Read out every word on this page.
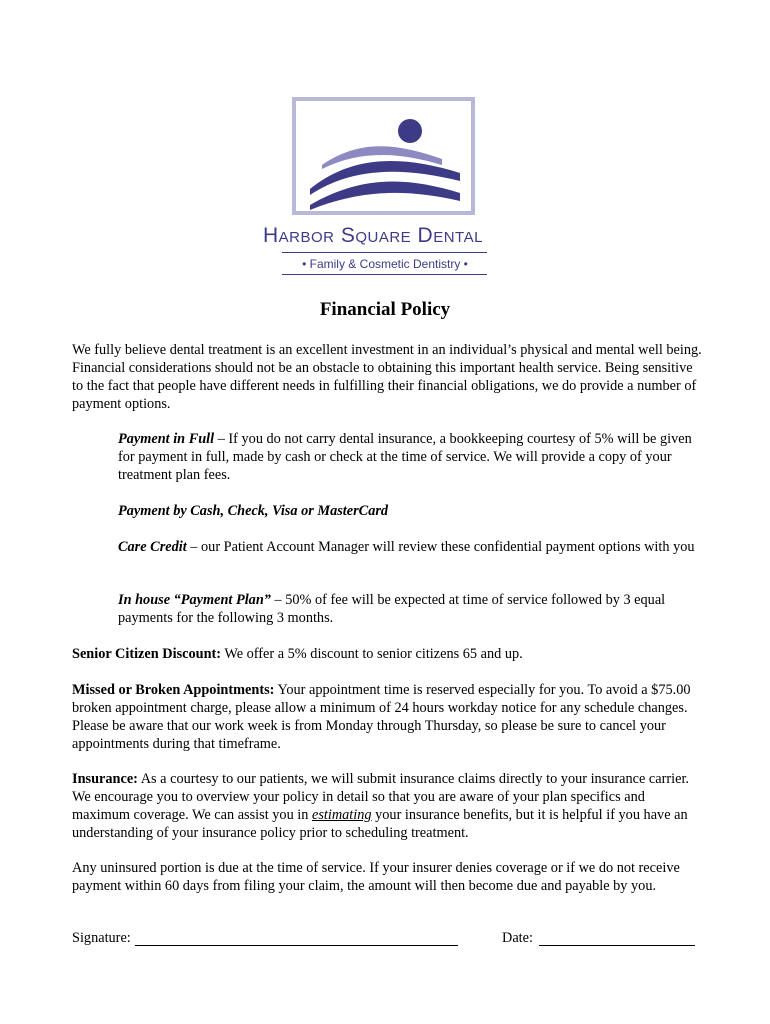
Harbor Square Dental
• Family & Cosmetic Dentistry •
Financial Policy

We fully believe dental treatment is an excellent investment in an individual’s physical and mental well being. Financial considerations should not be an obstacle to obtaining this important health service. Being sensitive to the fact that people have different needs in fulfilling their financial obligations, we do provide a number of payment options.

Payment in Full – If you do not carry dental insurance, a bookkeeping courtesy of 5% will be given for payment in full, made by cash or check at the time of service. We will provide a copy of your treatment plan fees.

Payment by Cash, Check, Visa or MasterCard

Care Credit – our Patient Account Manager will review these confidential payment options with you

In house “Payment Plan” – 50% of fee will be expected at time of service followed by 3 equal payments for the following 3 months.

Senior Citizen Discount: We offer a 5% discount to senior citizens 65 and up.

Missed or Broken Appointments: Your appointment time is reserved especially for you. To avoid a $75.00 broken appointment charge, please allow a minimum of 24 hours workday notice for any schedule changes. Please be aware that our work week is from Monday through Thursday, so please be sure to cancel your appointments during that timeframe.

Insurance: As a courtesy to our patients, we will submit insurance claims directly to your insurance carrier. We encourage you to overview your policy in detail so that you are aware of your plan specifics and maximum coverage. We can assist you in estimating your insurance benefits, but it is helpful if you have an understanding of your insurance policy prior to scheduling treatment.

Any uninsured portion is due at the time of service. If your insurer denies coverage or if we do not receive payment within 60 days from filing your claim, the amount will then become due and payable by you.

Signature:	Date:
